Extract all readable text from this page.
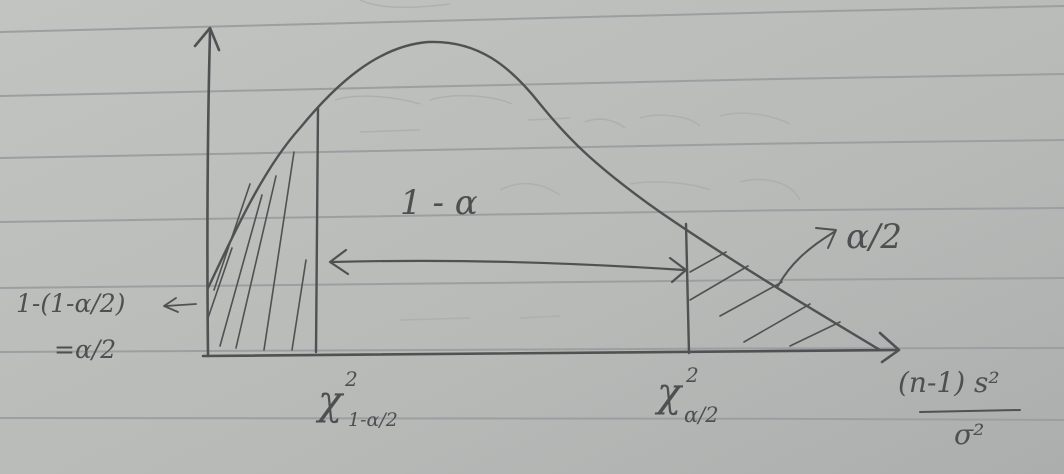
1 - α
α/2
1-(1-α/2)
=α/2
χ 2
1-α/2
χ 2
α/2
(n-1) s²
σ²
